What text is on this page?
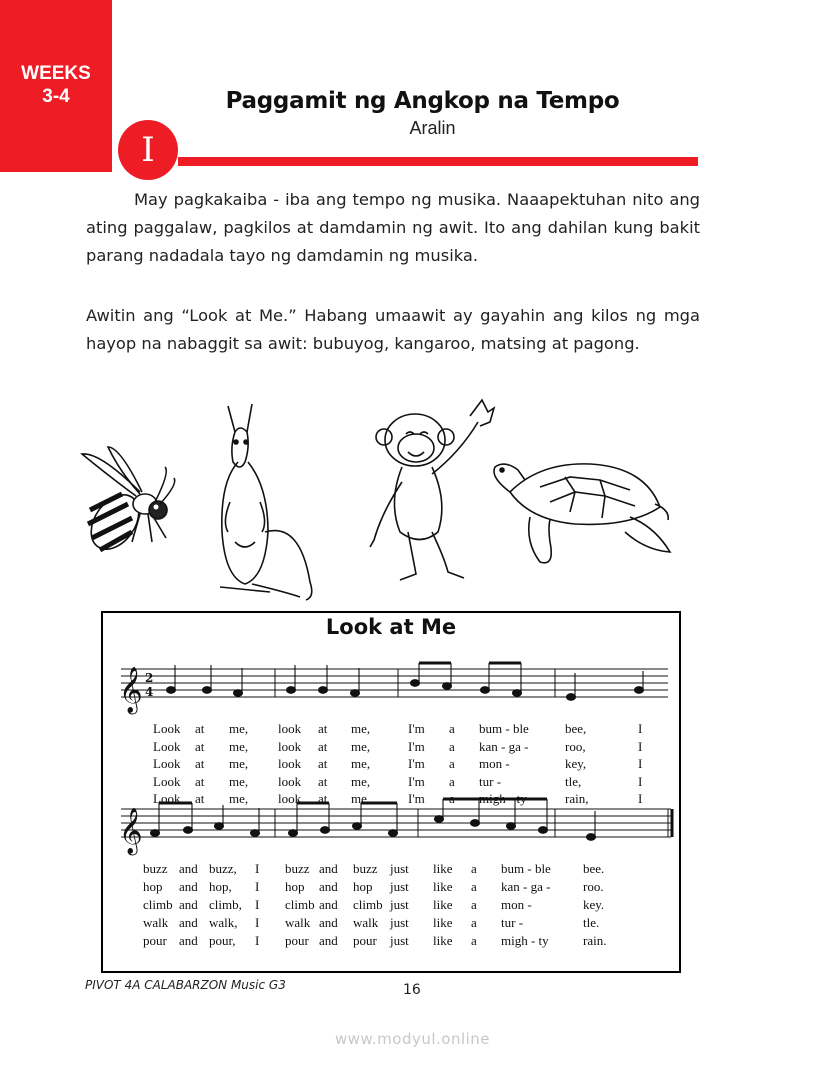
WEEKS
3-4	Paggamit ng Angkop na Tempo
Aralin
I
May pagkakaiba - iba ang tempo ng musika. Naaapektuhan nito ang ating paggalaw, pagkilos at damdamin ng awit. Ito ang dahilan kung bakit parang nadadala tayo ng damdamin ng musika.
Awitin ang “Look at Me.” Habang umaawit ay gayahin ang kilos ng mga hayop na nabaggit sa awit: bubuyog, kangaroo, matsing at pagong.
Look at Me
𝄞 2
4
𝄞
Look at me, look at me,	I'm a bum - ble	bee,	I
Look at me, look at me,	I'm a kan - ga -	roo,	I
Look at me, look at me,	I'm a mon -	key,	I
Look at me, look at me,	I'm a tur -	tle,	I
Look at me, look at me,	I'm a migh - ty	rain,	I
buzz and buzz, I buzz and buzz just like a bum - ble bee.
hop and hop, I hop and hop just like a kan - ga -	roo.
climb and climb, I climb and climb just like a mon -	key.
walk and walk, I walk and walk just like a tur -	tle.
pour and pour, I pour and pour just like a migh - ty	rain.
PIVOT 4A CALABARZON Music G3	16
www.modyul.online
